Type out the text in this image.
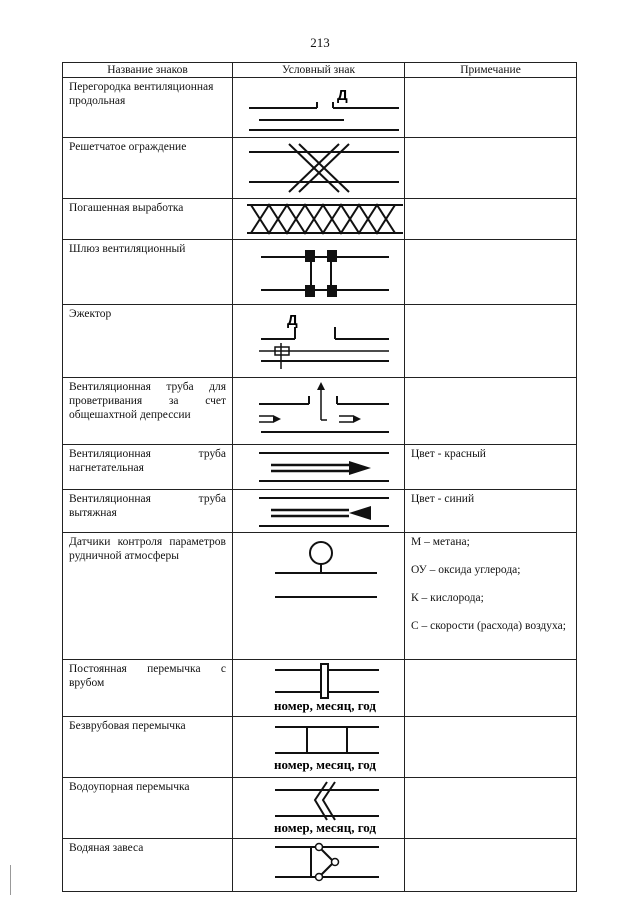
213
Название знаков	Условный знак	Примечание
Перегородка вентиляционная продольная	Д	

Решетчатое ограждение	

Погашенная выработка	

Шлюз вентиляционный	

Эжектор	Д	

Вентиляционная труба для проветривания за счет общешахтной депрессии	

Вентиляционная труба нагнетательная		Цвет - красный
Вентиляционная труба вытяжная		Цвет - синий
Датчики контроля параметров рудничной атмосферы		М – метана;
ОУ – оксида углерода;
К – кислорода;
С – скорости (расхода) воздуха;

Постоянная перемычка с врубом	номер, месяц, год	

Безврубовая перемычка	номер, месяц, год	

Водоупорная перемычка	номер, месяц, год	

Водяная завеса	
